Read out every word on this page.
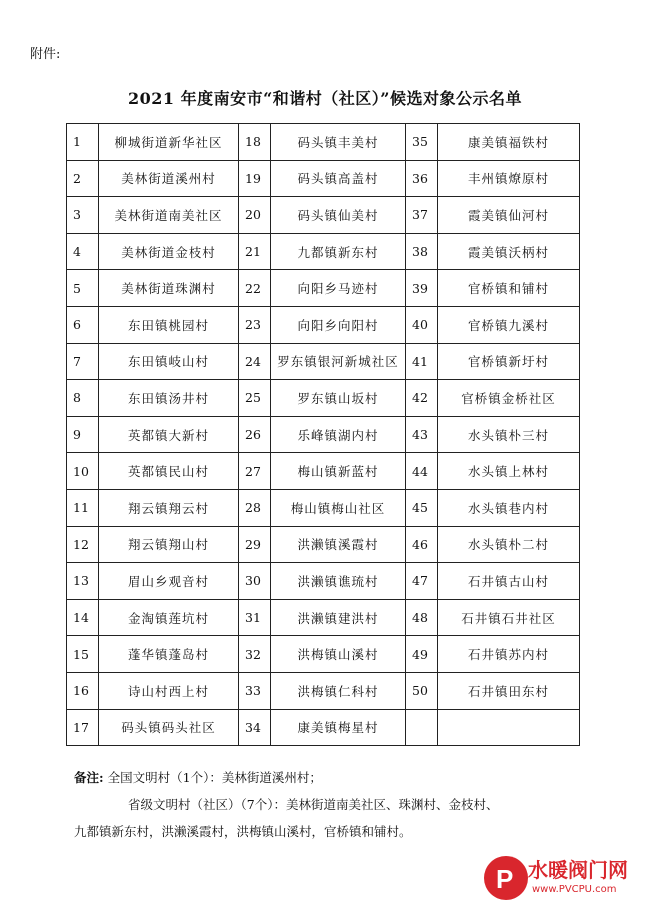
附件:
2021 年度南安市“和谐村（社区）”候选对象公示名单
1	柳城街道新华社区	18	码头镇丰美村	35	康美镇福铁村
2	美林街道溪州村	19	码头镇高盖村	36	丰州镇燎原村
3	美林街道南美社区	20	码头镇仙美村	37	霞美镇仙河村
4	美林街道金枝村	21	九都镇新东村	38	霞美镇沃柄村
5	美林街道珠渊村	22	向阳乡马迹村	39	官桥镇和铺村
6	东田镇桃园村	23	向阳乡向阳村	40	官桥镇九溪村
7	东田镇岐山村	24	罗东镇银河新城社区	41	官桥镇新圩村
8	东田镇汤井村	25	罗东镇山坂村	42	官桥镇金桥社区
9	英都镇大新村	26	乐峰镇湖内村	43	水头镇朴三村
10	英都镇民山村	27	梅山镇新蓝村	44	水头镇上林村
11	翔云镇翔云村	28	梅山镇梅山社区	45	水头镇巷内村
12	翔云镇翔山村	29	洪濑镇溪霞村	46	水头镇朴二村
13	眉山乡观音村	30	洪濑镇谯琉村	47	石井镇古山村
14	金淘镇莲坑村	31	洪濑镇建洪村	48	石井镇石井社区
15	蓬华镇蓬岛村	32	洪梅镇山溪村	49	石井镇苏内村
16	诗山村西上村	33	洪梅镇仁科村	50	石井镇田东村
17	码头镇码头社区	34	康美镇梅星村		
备注: 全国文明村（1个）：美林街道溪州村；
省级文明村（社区）（7个）：美林街道南美社区、珠渊村、金枝村、
九都镇新东村，洪濑溪霞村，洪梅镇山溪村，官桥镇和铺村。
P 水暖阀门网
www.PVCPU.com
